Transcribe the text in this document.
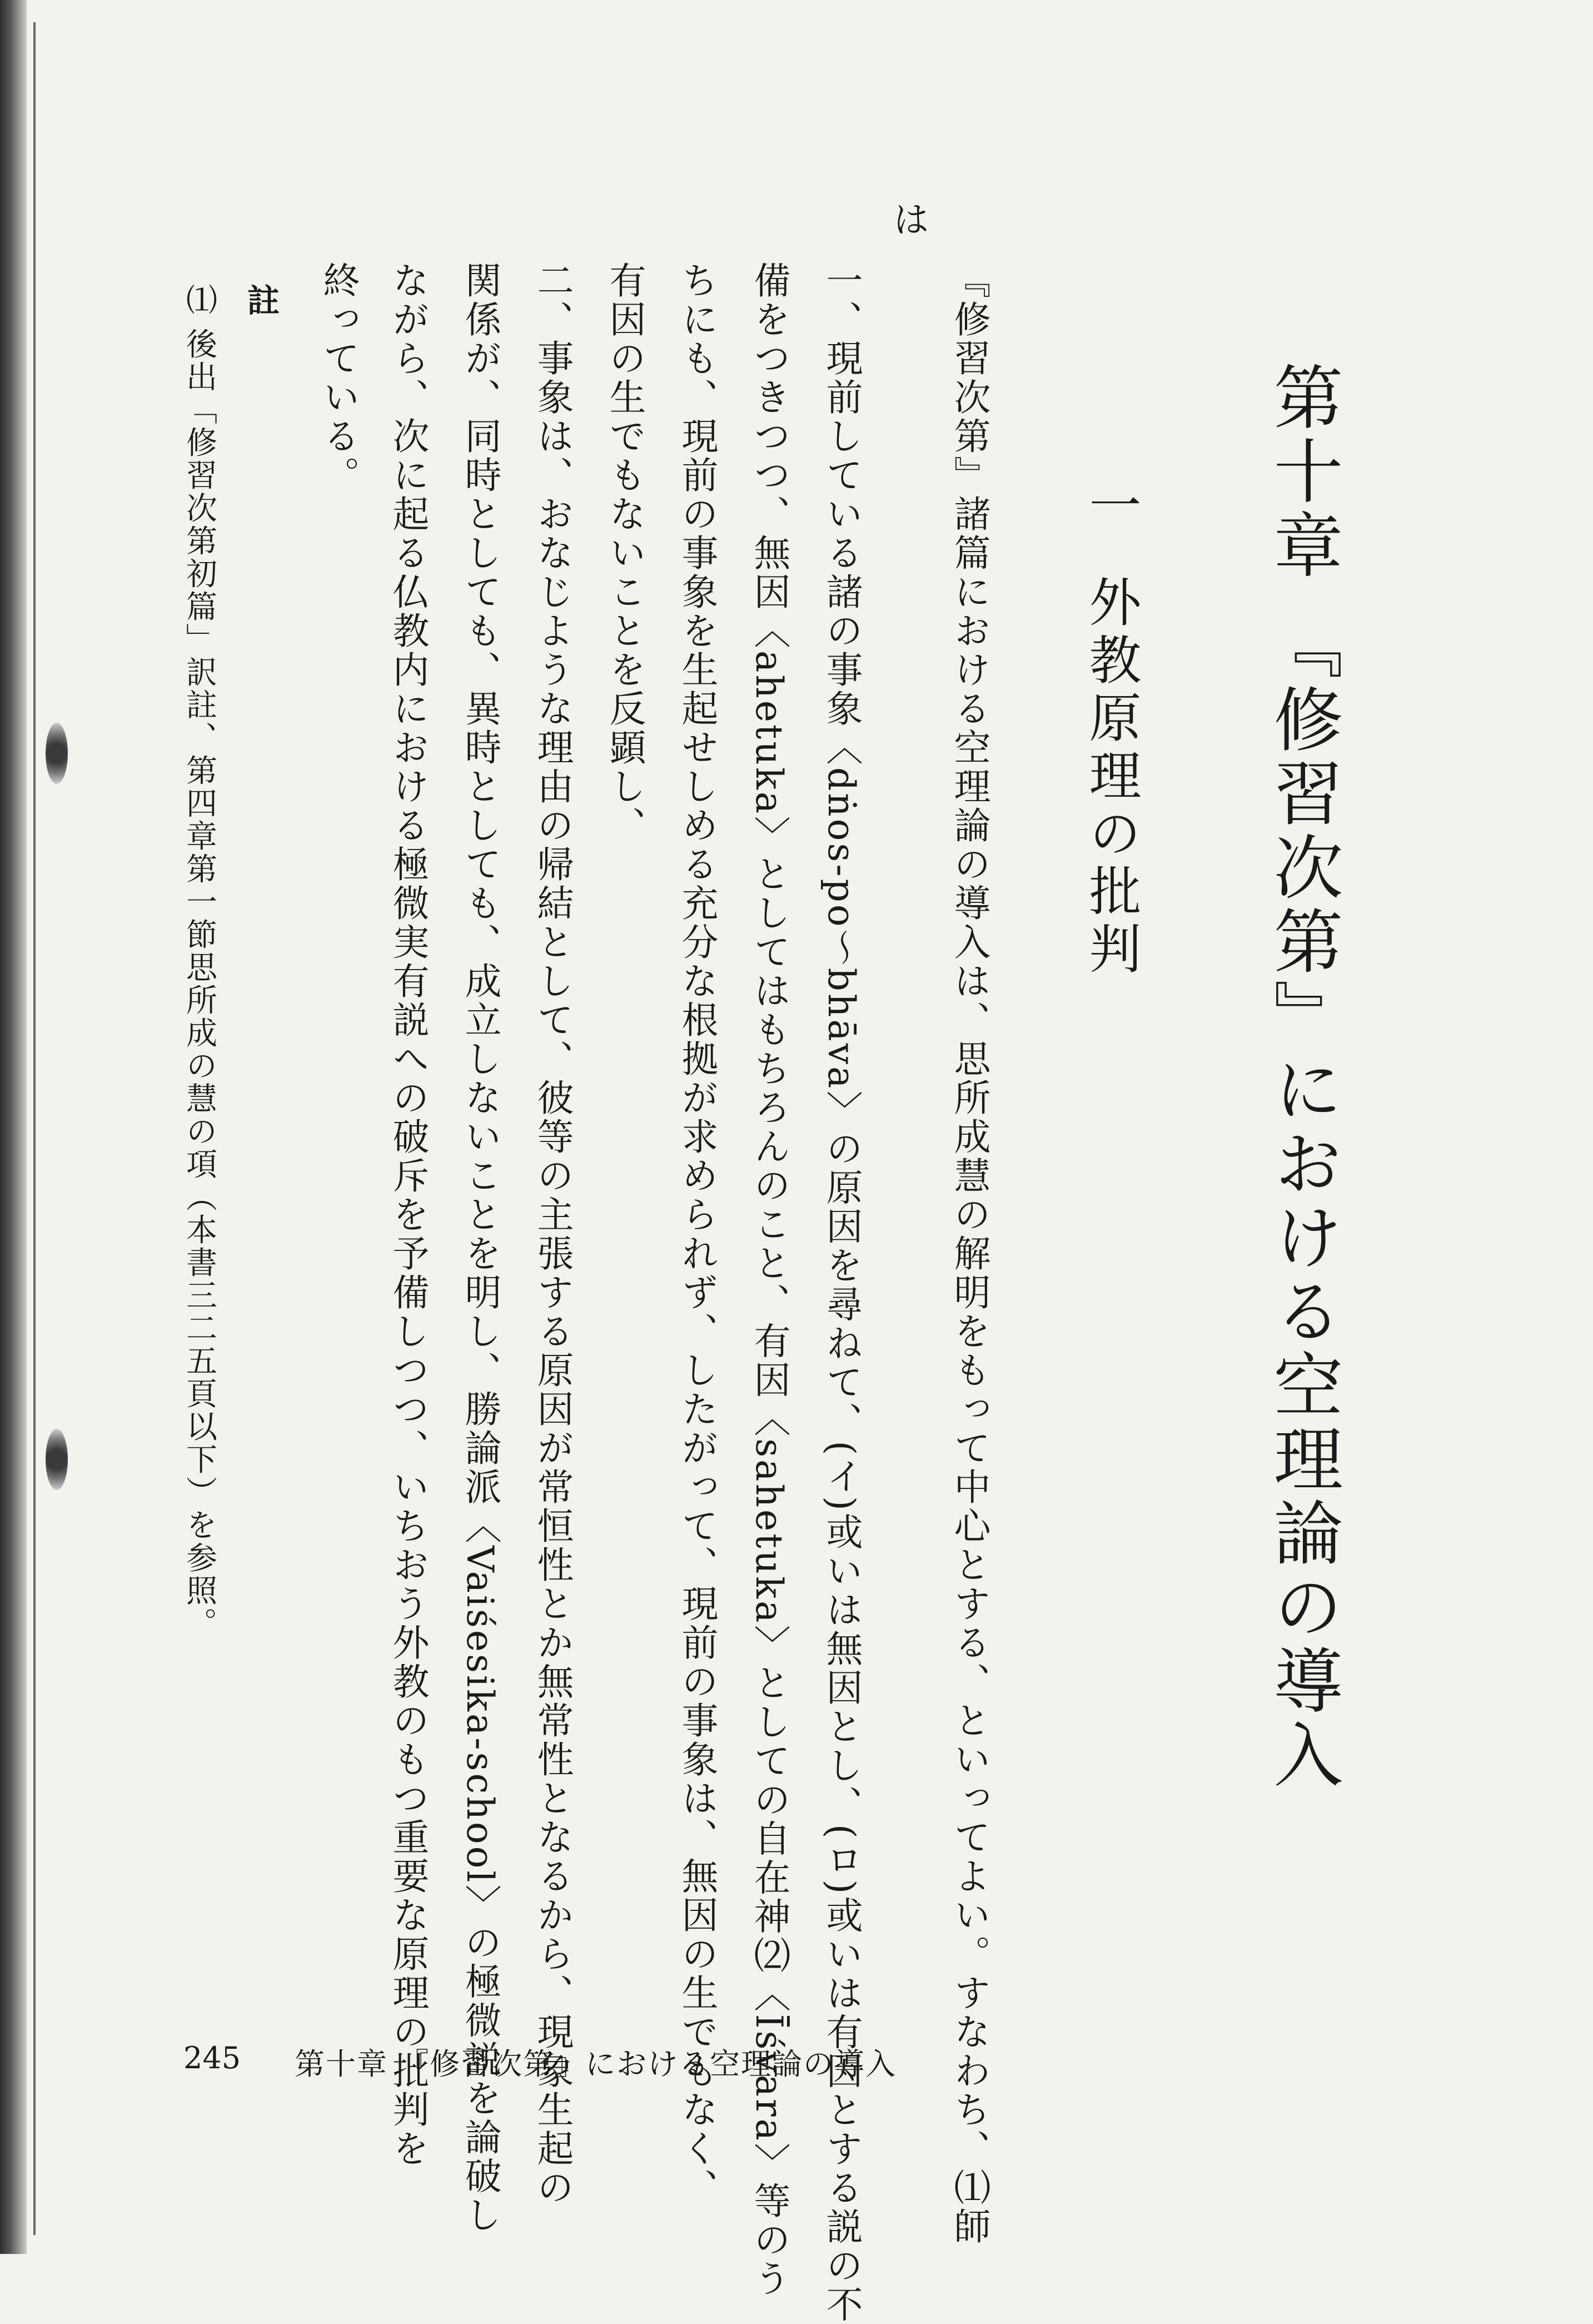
第十章 『修習次第』における空理論の導入
一外教原理の批判
『修習次第』諸篇における空理論の導入は、思所成慧の解明をもって中心とする、といってよい。すなわち、⑴師
は
一、現前している諸の事象〈dṅos-po～bhāva〉の原因を尋ねて、(イ)或いは無因とし、(ロ)或いは有因とする説の不
備をつきつつ、無因〈ahetuka〉としてはもちろんのこと、有因〈sahetuka〉としての自在神⑵〈Īśvara〉等のう
ちにも、現前の事象を生起せしめる充分な根拠が求められず、したがって、現前の事象は、無因の生でもなく、
有因の生でもないことを反顕し、
二、事象は、おなじような理由の帰結として、彼等の主張する原因が常恒性とか無常性となるから、現象生起の
関係が、同時としても、異時としても、成立しないことを明し、勝論派〈Vaiśesika-school〉の極微説を論破し
ながら、次に起る仏教内における極微実有説への破斥を予備しつつ、いちおう外教のもつ重要な原理の批判を
終っている。
註
⑴ 後出「修習次第初篇」訳註、第四章第一節思所成の慧の項（本書三二五頁以下）を参照。
245 第十章 『修習次第』における空理論の導入
